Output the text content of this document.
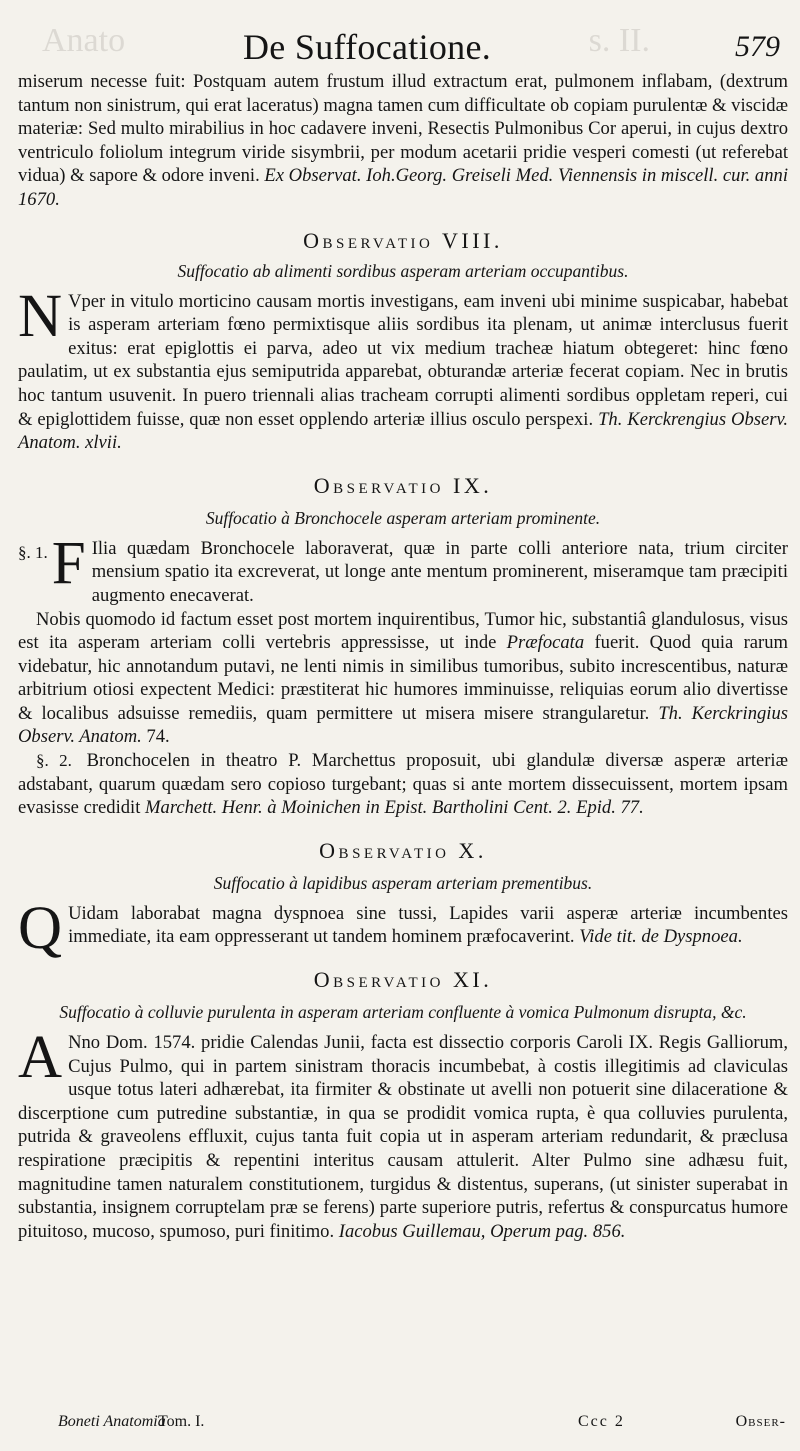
Anato	s. II.
De Suffocatione.	579

miserum necesse fuit: Postquam autem frustum illud extractum erat, pulmonem inflabam, (dextrum tantum non sinistrum, qui erat laceratus) magna tamen cum difficultate ob copiam purulentæ & viscidæ materiæ: Sed multo mirabilius in hoc cadavere inveni, Resectis Pulmonibus Cor aperui, in cujus dextro ventriculo foliolum integrum viride sisymbrii, per modum acetarii pridie vesperi comesti (ut referebat vidua) & sapore & odore inveni. Ex Observat. Ioh.Georg. Greiseli Med. Viennensis in miscell. cur. anni 1670.

Observatio VIII.
Suffocatio ab alimenti sordibus asperam arteriam occupantibus.

N Vper in vitulo morticino causam mortis investigans, eam inveni ubi minime suspicabar, habebat is asperam arteriam fœno permixtisque aliis sordibus ita plenam, ut animæ interclusus fuerit exitus: erat epiglottis ei parva, adeo ut vix medium tracheæ hiatum obtegeret: hinc fœno paulatim, ut ex substantia ejus semiputrida apparebat, obturandæ arteriæ fecerat copiam. Nec in brutis hoc tantum usuvenit. In puero triennali alias tracheam corrupti alimenti sordibus oppletam reperi, cui & epiglottidem fuisse, quæ non esset opplendo arteriæ illius osculo perspexi. Th. Kerckrengius Observ. Anatom. xlvii.

Observatio IX.
Suffocatio à Bronchocele asperam arteriam prominente.

§. 1. F Ilia quædam Bronchocele laboraverat, quæ in parte colli anteriore nata, trium circiter mensium spatio ita excreverat, ut longe ante mentum prominerent, miseramque tam præcipiti augmento enecaverat.

Nobis quomodo id factum esset post mortem inquirentibus, Tumor hic, substantiâ glandulosus, visus est ita asperam arteriam colli vertebris appressisse, ut inde Præfocata fuerit. Quod quia rarum videbatur, hic annotandum putavi, ne lenti nimis in similibus tumoribus, subito increscentibus, naturæ arbitrium otiosi expectent Medici: præstiterat hic humores imminuisse, reliquias eorum alio divertisse & localibus adsuisse remediis, quam permittere ut misera misere strangularetur. Th. Kerckringius Observ. Anatom. 74.

§. 2. Bronchocelen in theatro P. Marchettus proposuit, ubi glandulæ diversæ asperæ arteriæ adstabant, quarum quædam sero copioso turgebant; quas si ante mortem dissecuissent, mortem ipsam evasisse credidit Marchett. Henr. à Moinichen in Epist. Bartholini Cent. 2. Epid. 77.

Observatio X.
Suffocatio à lapidibus asperam arteriam prementibus.

Q Uidam laborabat magna dyspnoea sine tussi, Lapides varii asperæ arteriæ incumbentes immediate, ita eam oppresserant ut tandem hominem præfocaverint. Vide tit. de Dyspnoea.

Observatio XI.
Suffocatio à colluvie purulenta in asperam arteriam confluente à vomica Pulmonum disrupta, &c.

A Nno Dom. 1574. pridie Calendas Junii, facta est dissectio corporis Caroli IX. Regis Galliorum, Cujus Pulmo, qui in partem sinistram thoracis incumbebat, à costis illegitimis ad claviculas usque totus lateri adhærebat, ita firmiter & obstinate ut avelli non potuerit sine dilaceratione & discerptione cum putredine substantiæ, in qua se prodidit vomica rupta, è qua colluvies purulenta, putrida & graveolens effluxit, cujus tanta fuit copia ut in asperam arteriam redundarit, & præclusa respiratione præcipitis & repentini interitus causam attulerit. Alter Pulmo sine adhæsu fuit, magnitudine tamen naturalem constitutionem, turgidus & distentus, superans, (ut sinister superabat in substantia, insignem corruptelam præ se ferens) parte superiore putris, refertus & conspurcatus humore pituitoso, mucoso, spumoso, puri finitimo. Iacobus Guillemau, Operum pag. 856.

Boneti Anatomia
Tom. I.	Ccc 2	Obser-
